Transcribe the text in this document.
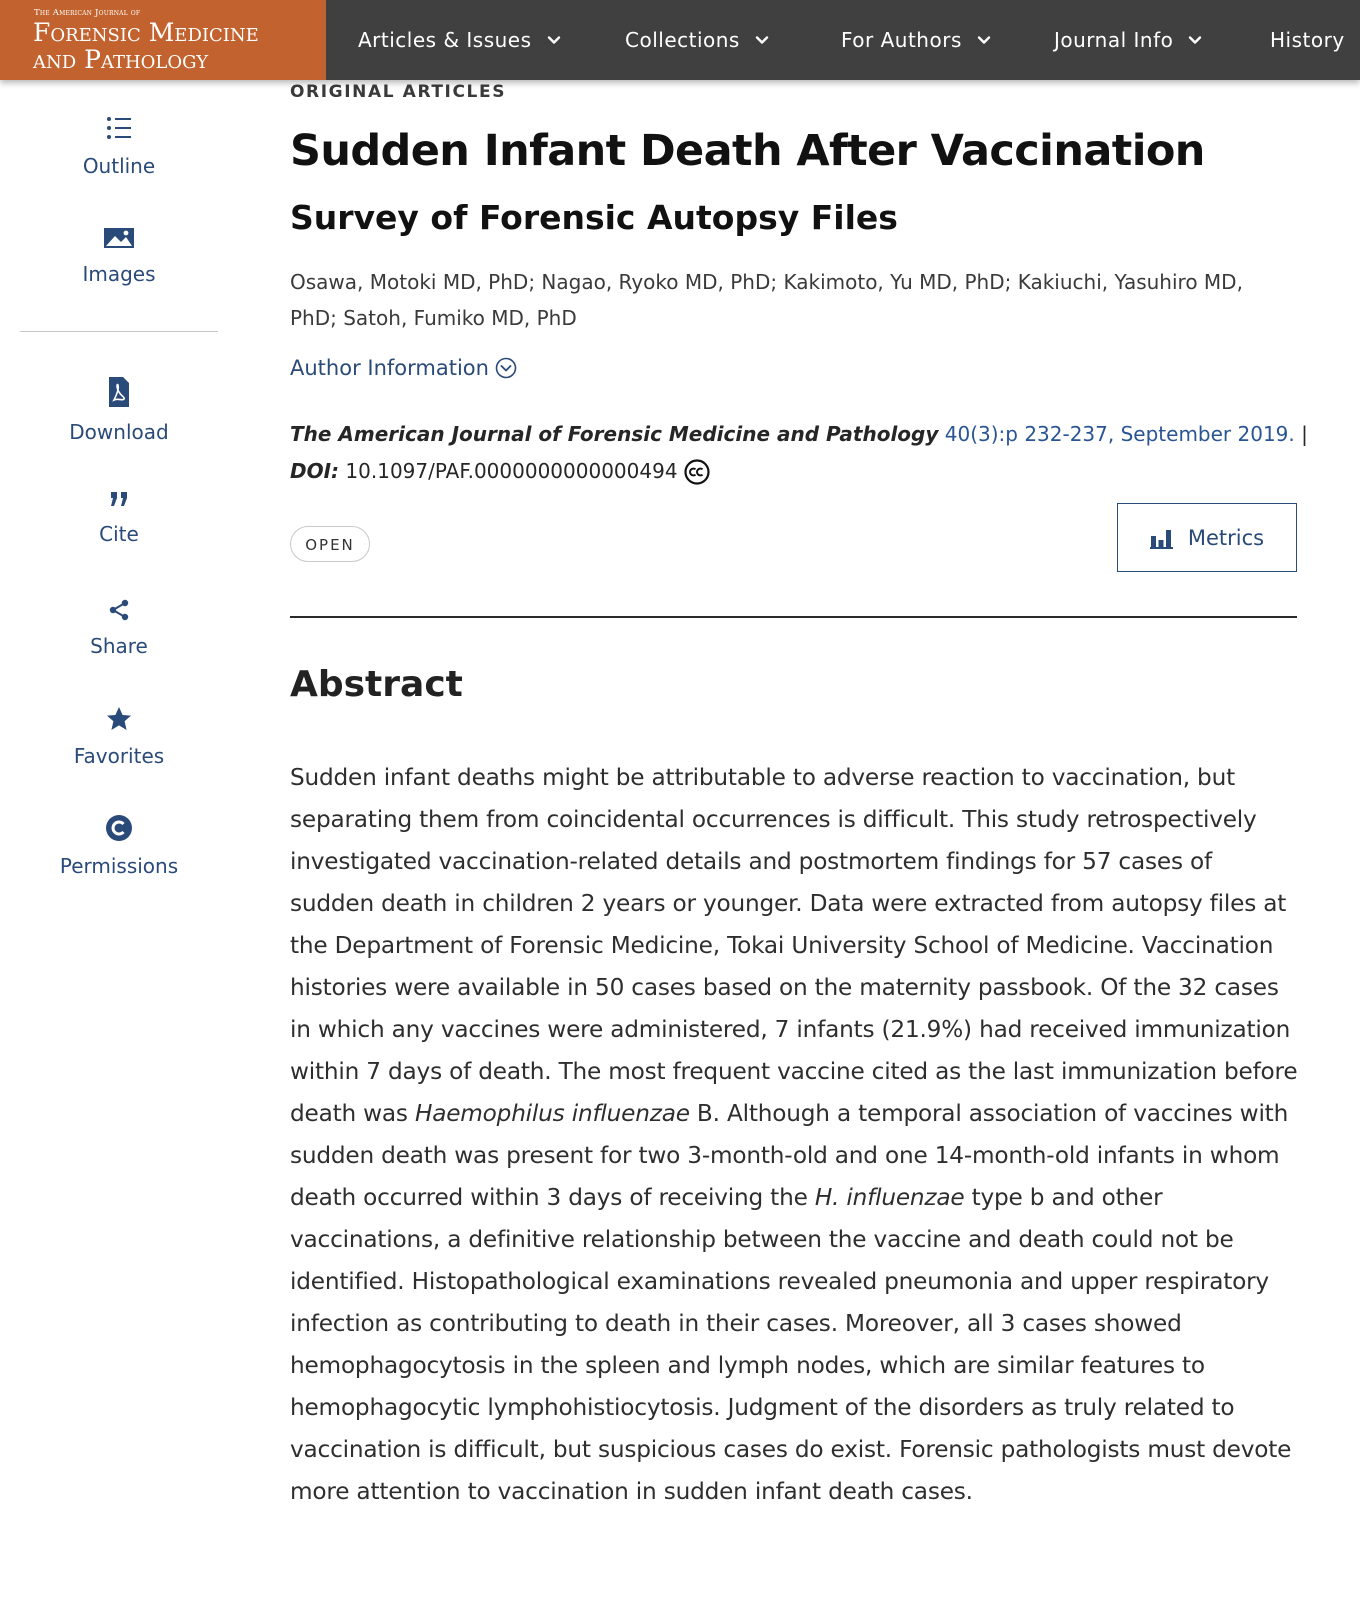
The American Journal of
Forensic Medicine
and Pathology
Articles & Issues	Collections	For Authors	Journal Info	History
Outline
Images
Download
Cite
Share
Favorites
Permissions
ORIGINAL ARTICLES
Sudden Infant Death After Vaccination
Survey of Forensic Autopsy Files
Osawa, Motoki MD, PhD; Nagao, Ryoko MD, PhD; Kakimoto, Yu MD, PhD; Kakiuchi, Yasuhiro MD, PhD; Satoh, Fumiko MD, PhD
Author Information
The American Journal of Forensic Medicine and Pathology 40(3):p 232-237, September 2019. |
DOI: 10.1097/PAF.0000000000000494
OPEN	Metrics
Abstract

Sudden infant deaths might be attributable to adverse reaction to vaccination, but separating them from coincidental occurrences is difficult. This study retrospectively investigated vaccination-related details and postmortem findings for 57 cases of sudden death in children 2 years or younger. Data were extracted from autopsy files at the Department of Forensic Medicine, Tokai University School of Medicine. Vaccination histories were available in 50 cases based on the maternity passbook. Of the 32 cases in which any vaccines were administered, 7 infants (21.9%) had received immunization within 7 days of death. The most frequent vaccine cited as the last immunization before death was Haemophilus influenzae B. Although a temporal association of vaccines with sudden death was present for two 3-month-old and one 14-month-old infants in whom death occurred within 3 days of receiving the H. influenzae type b and other vaccinations, a definitive relationship between the vaccine and death could not be identified. Histopathological examinations revealed pneumonia and upper respiratory infection as contributing to death in their cases. Moreover, all 3 cases showed hemophagocytosis in the spleen and lymph nodes, which are similar features to hemophagocytic lymphohistiocytosis. Judgment of the disorders as truly related to vaccination is difficult, but suspicious cases do exist. Forensic pathologists must devote more attention to vaccination in sudden infant death cases.
